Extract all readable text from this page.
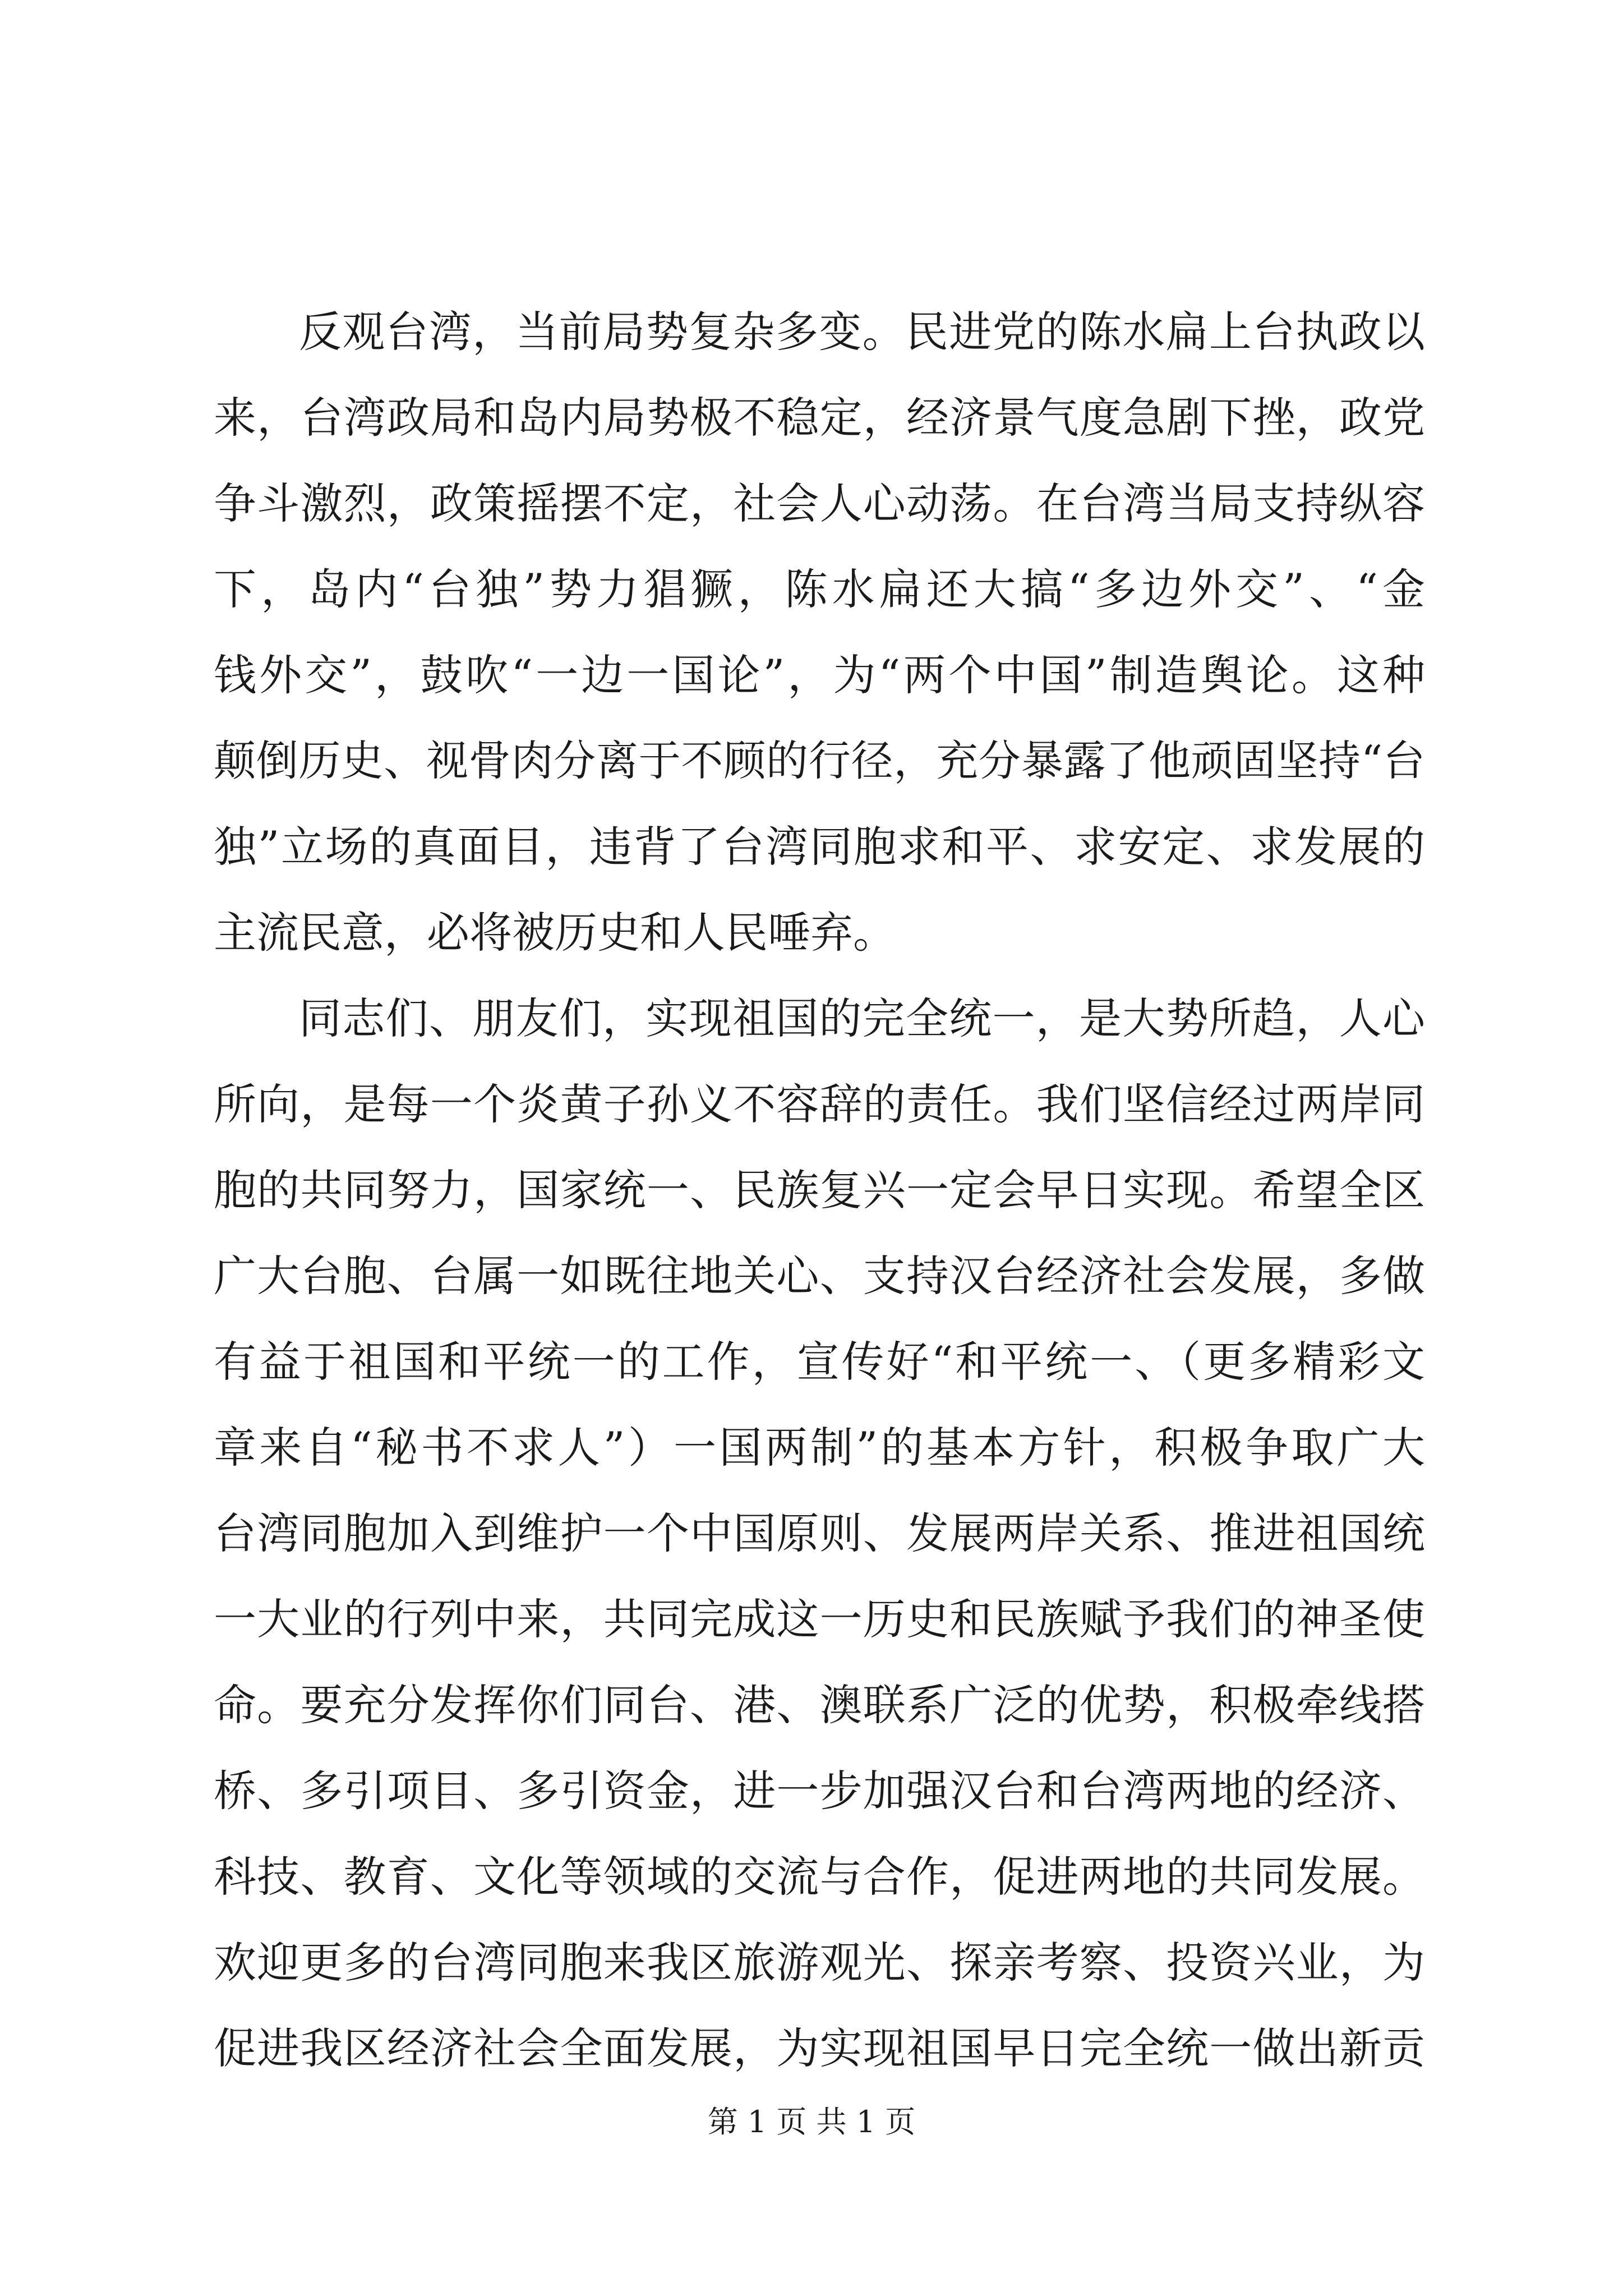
反观台湾，当前局势复杂多变。民进党的陈水扁上台执政以
来，台湾政局和岛内局势极不稳定，经济景气度急剧下挫，政党
争斗激烈，政策摇摆不定，社会人心动荡。在台湾当局支持纵容
下，岛内“台独”势力猖獗，陈水扁还大搞“多边外交”、“金
钱外交”，鼓吹“一边一国论”，为“两个中国”制造舆论。这种
颠倒历史、视骨肉分离于不顾的行径，充分暴露了他顽固坚持“台
独”立场的真面目，违背了台湾同胞求和平、求安定、求发展的
主流民意，必将被历史和人民唾弃。
同志们、朋友们，实现祖国的完全统一，是大势所趋，人心
所向，是每一个炎黄子孙义不容辞的责任。我们坚信经过两岸同
胞的共同努力，国家统一、民族复兴一定会早日实现。希望全区
广大台胞、台属一如既往地关心、支持汉台经济社会发展，多做
有益于祖国和平统一的工作，宣传好“和平统一、（更多精彩文
章来自“秘书不求人”）一国两制”的基本方针，积极争取广大
台湾同胞加入到维护一个中国原则、发展两岸关系、推进祖国统
一大业的行列中来，共同完成这一历史和民族赋予我们的神圣使
命。要充分发挥你们同台、港、澳联系广泛的优势，积极牵线搭
桥、多引项目、多引资金，进一步加强汉台和台湾两地的经济、
科技、教育、文化等领域的交流与合作，促进两地的共同发展。
欢迎更多的台湾同胞来我区旅游观光、探亲考察、投资兴业，为
促进我区经济社会全面发展，为实现祖国早日完全统一做出新贡
第 1 页 共 1 页
